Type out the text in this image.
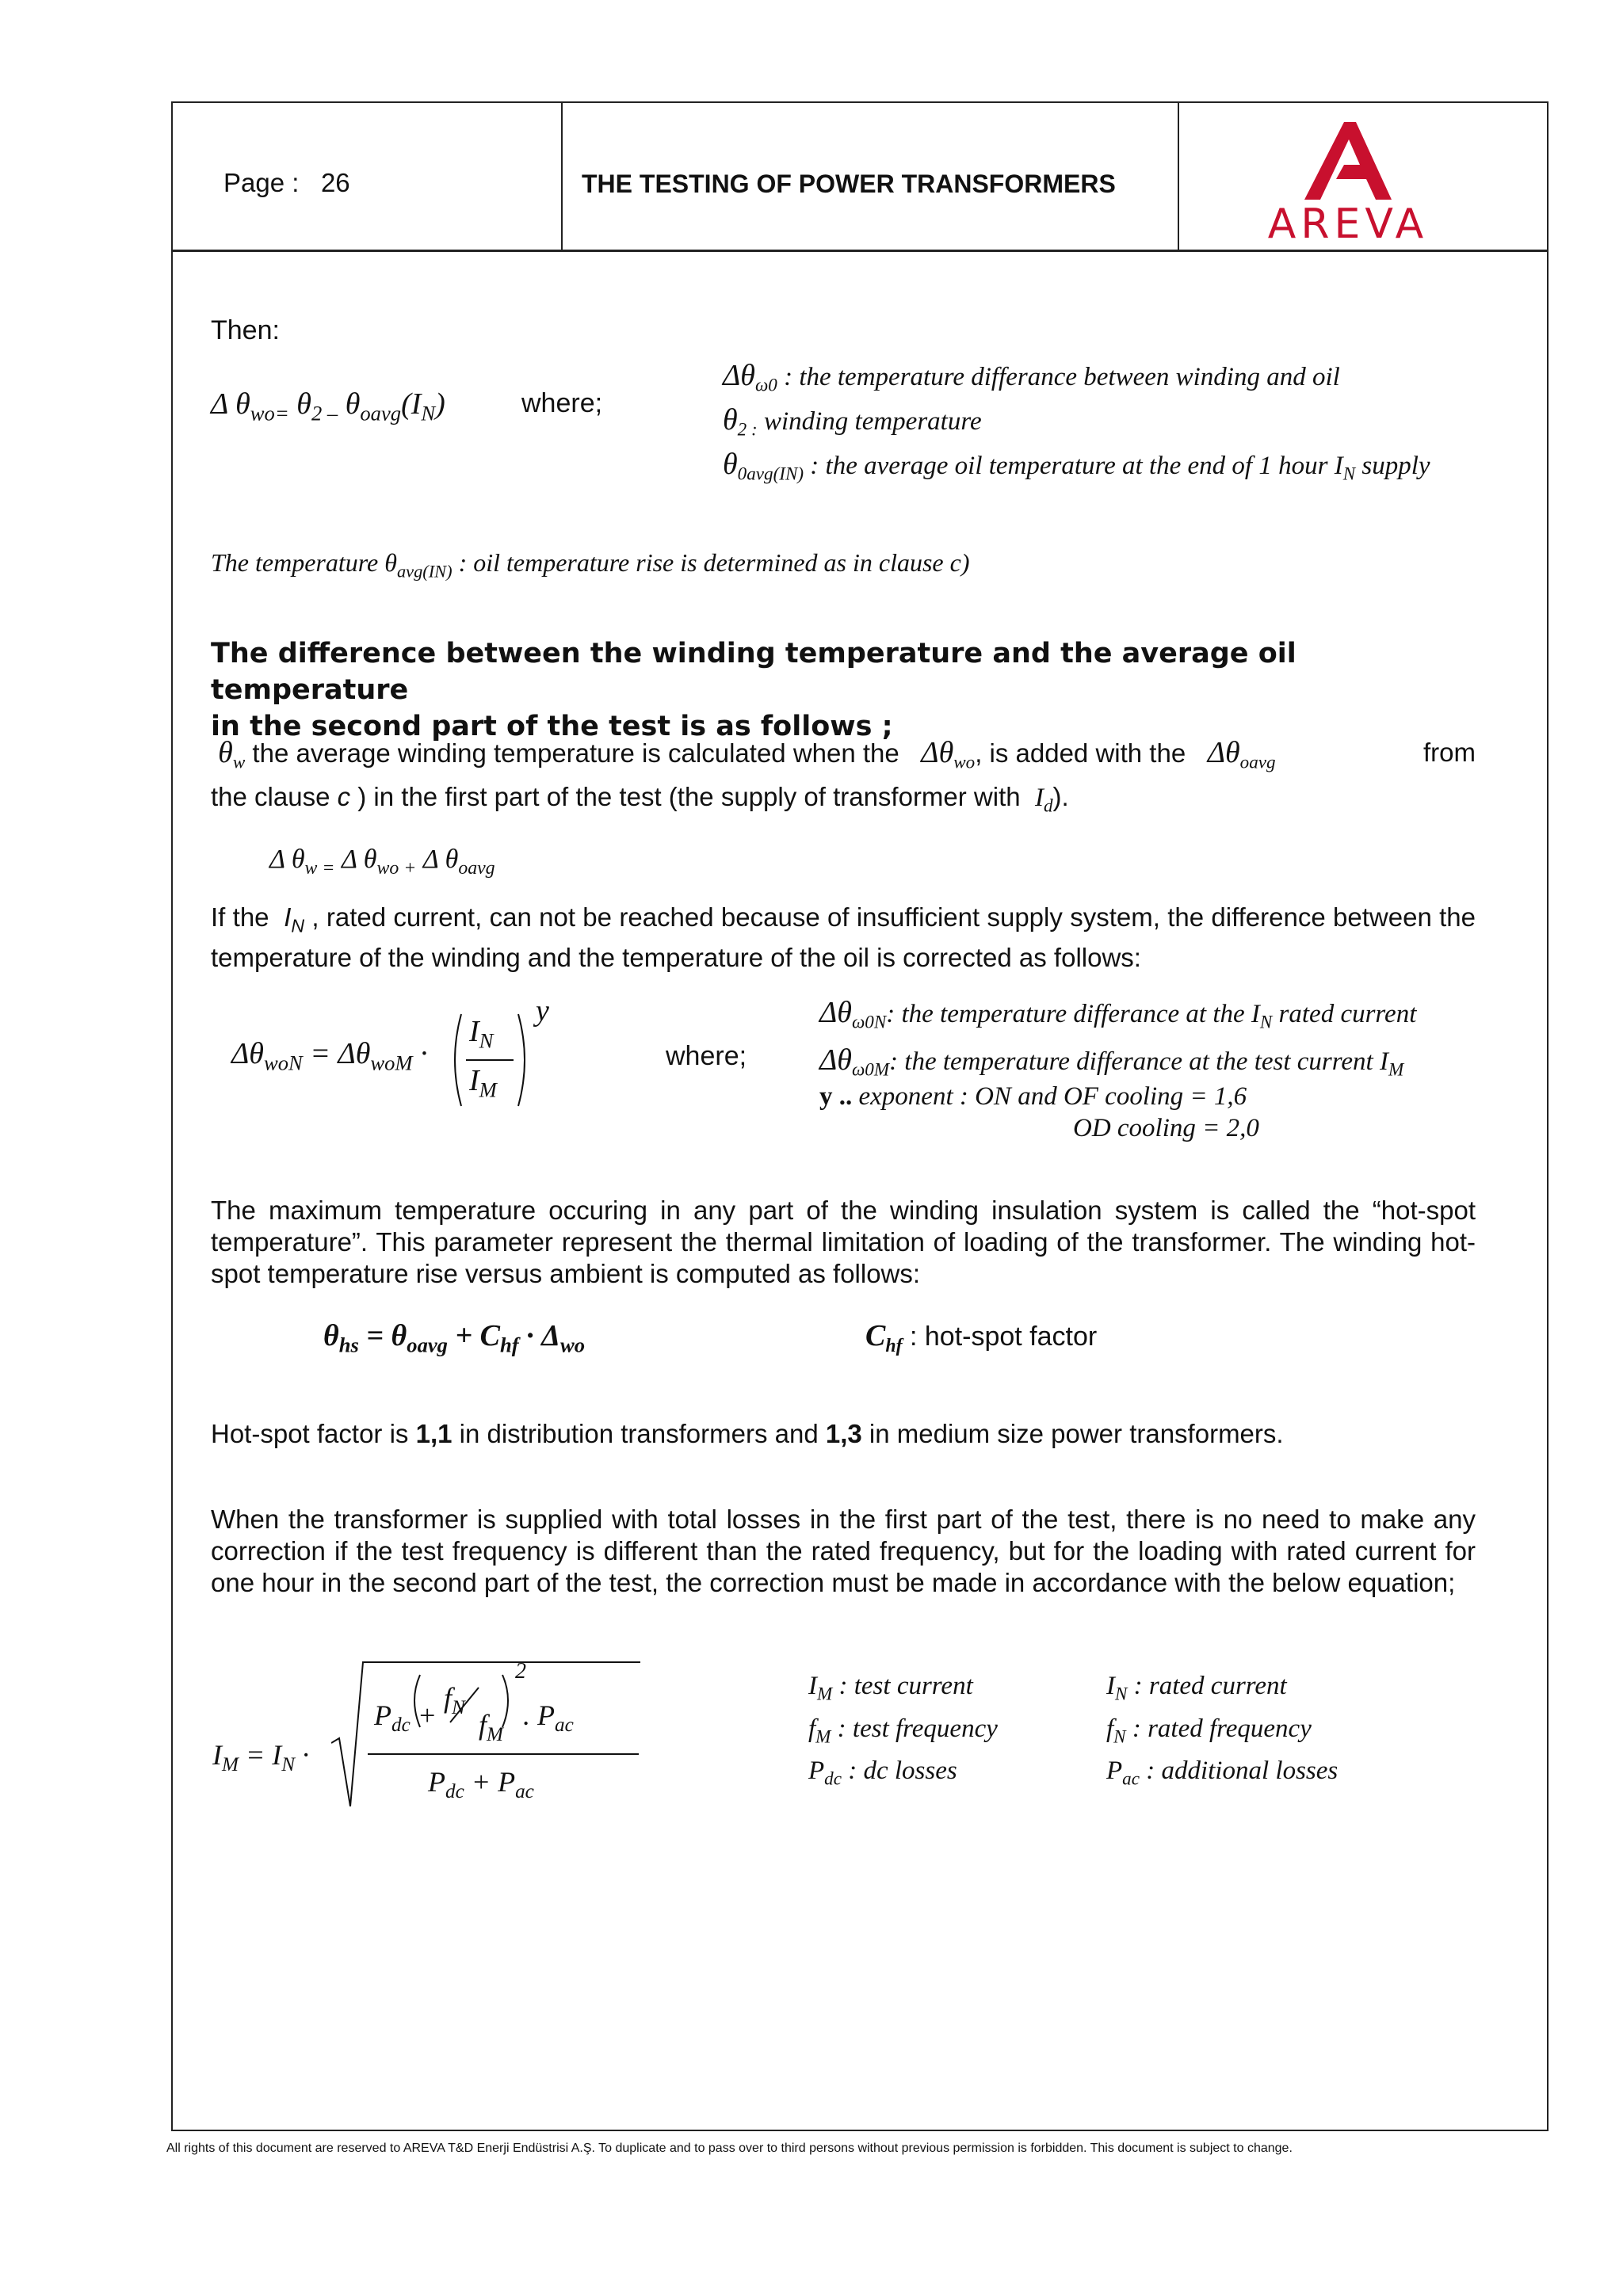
Page : 26	THE TESTING OF POWER TRANSFORMERS
AREVA
Then:
Δ $\theta_{wo=}$ $\theta_{2 -}$ $\theta_{oavg}(I_N)$	where;
$\Delta\theta_{\omega 0}$ : the temperature differance between winding and oil
$\theta_{2 :}$ winding temperature
$\theta_{0avg(IN)}$ : the average oil temperature at the end of 1 hour $I_N$ supply
The temperature $\theta_{avg(IN)}$ : oil temperature rise is determined as in clause c)
The difference between the winding temperature and the average oil temperature
in the second part of the test is as follows ;
$\theta_w$ the average winding temperature is calculated when the   $\Delta\theta_{wo}$, is added with the   $\Delta\theta_{oavg}$	from
the clause c ) in the first part of the test (the supply of transformer with  $I_d$).
Δ $\theta_{w =}$ Δ $\theta_{wo +}$ Δ $\theta_{oavg}$
If the  $I_N$ , rated current, can not be reached because of insufficient supply system, the difference between the temperature of the winding and the temperature of the oil is corrected as follows:
$\Delta\theta_{woN} = \Delta\theta_{woM}$ ·
$I_N$
$I_M$
y
where;
$\Delta\theta_{\omega 0N}$: the temperature differance at the $I_N$ rated current
$\Delta\theta_{\omega 0M}$: the temperature differance at the test current $I_M$
y .. exponent : ON and OF cooling = 1,6
OD cooling = 2,0
The maximum temperature occuring in any part of the winding insulation system is called the “hot-spot temperature”. This parameter represent the thermal limitation of loading of the transformer. The winding hot-spot temperature rise versus ambient is computed as follows:
$\theta_{hs} = \theta_{oavg} + C_{hf} \cdot \Delta_{wo}$	$C_{hf}$ : hot-spot factor
Hot-spot factor is 1,1 in distribution transformers and 1,3 in medium size power transformers.
When the transformer is supplied with total losses in the first part of the test, there is no need to make any correction if the test frequency is different than the rated frequency, but for the loading with rated current for one hour in the second part of the test, the correction must be made in accordance with the below equation;
$I_M = I_N$ ·
$P_{dc}$ +
$f_N$
$f_M$
2
. $P_{ac}$
$P_{dc} + P_{ac}$
$I_M$ : test current
$f_M$ : test frequency
$P_{dc}$ : dc losses
$I_N$ : rated current
$f_N$ : rated frequency
$P_{ac}$ : additional losses
All rights of this document are reserved to AREVA T&D Enerji Endüstrisi A.Ş. To duplicate and to pass over to third persons without previous permission is forbidden. This document is subject to change.
